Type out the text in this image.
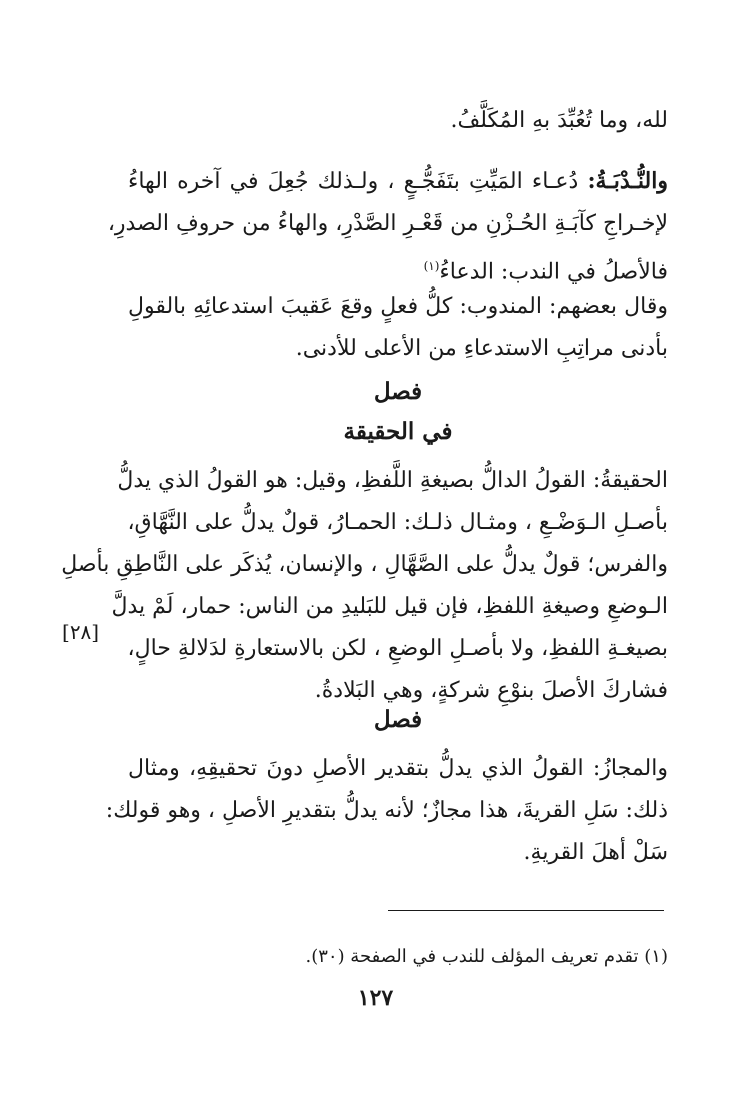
لله، وما تُعُبِّدَ بهِ المُكَلَّفُ.
والنُّـدْبَـةُ: دُعـاء المَيِّتِ بتَفَجُّـعٍ ، ولـذلك جُعِلَ في آخره الهاءُ
لإخـراجِ كآبَـةِ الحُـزْنِ من قَعْـرِ الصَّدْرِ، والهاءُ من حروفِ الصدرِ،
فالأصلُ في الندب: الدعاءُ$^{(١)}$
وقال بعضهم: المندوب: كلُّ فعلٍ وقعَ عَقيبَ استدعائِهِ بالقولِ
بأدنى مراتِبِ الاستدعاءِ من الأعلى للأدنى.
فصل
في الحقيقة
الحقيقةُ: القولُ الدالُّ بصيغةِ اللَّفظِ، وقيل: هو القولُ الذي يدلُّ
بأصـلِ الـوَضْـعِ ، ومثـال ذلـك: الحمـارُ، قولٌ يدلُّ على النَّهَّاقِ،
والفرس؛ قولٌ يدلُّ على الصَّهَّالِ ، والإنسان، يُذكَر على النَّاطِقِ بأصلِ
الـوضعِ وصيغةِ اللفظِ، فإن قيل للبَليدِ من الناس: حمار، لَمْ يدلَّ
بصيغـةِ اللفظِ، ولا بأصـلِ الوضعِ ، لكن بالاستعارةِ لدَلالةِ حالٍ،
فشاركَ الأصلَ بنوْعِ شركةٍ، وهي البَلادةُ.
[٢٨]
فصل
والمجازُ: القولُ الذي يدلُّ بتقدير الأصلِ دونَ تحقيقِهِ، ومثال
ذلك: سَلِ القريةَ، هذا مجازٌ؛ لأنه يدلُّ بتقديرِ الأصلِ ، وهو قولك:
سَلْ أهلَ القريةِ.
(١) تقدم تعريف المؤلف للندب في الصفحة (٣٠).
١٢٧
